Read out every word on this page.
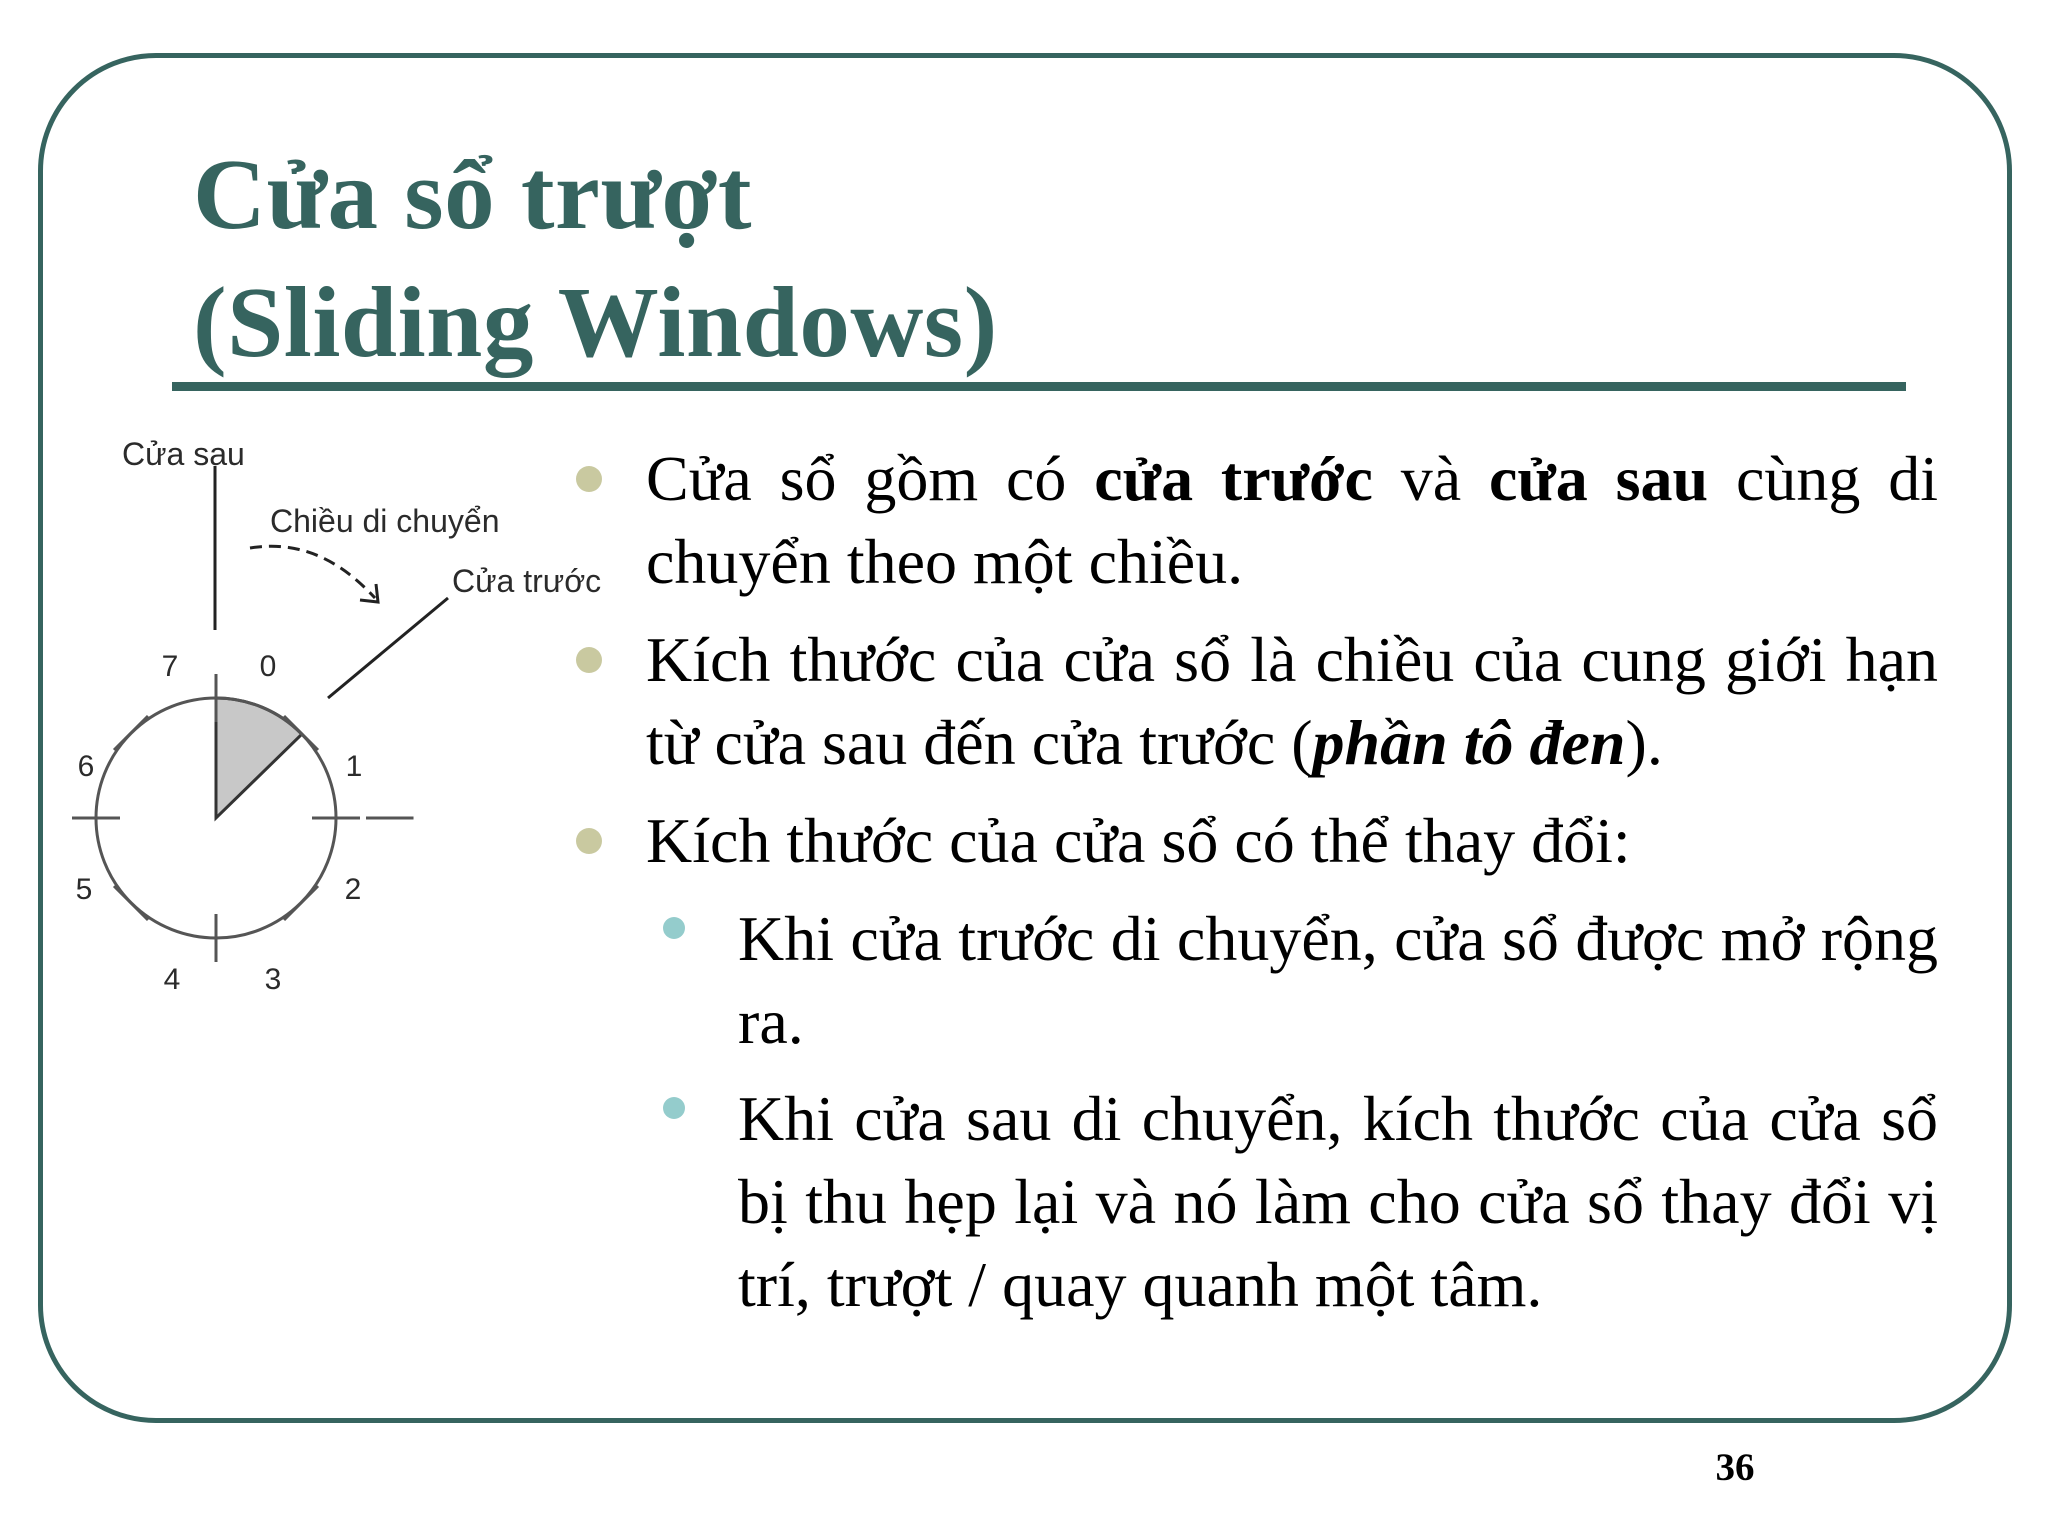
Cửa sổ trượt
(Sliding Windows)
0
1
2
3
4
5
6
7
Cửa sau
Chiều di chuyển
Cửa trước
Cửa sổ gồm có cửa trước và cửa sau cùng di chuyển theo một chiều.
Kích thước của cửa sổ là chiều của cung giới hạn từ cửa sau đến cửa trước (phần tô đen).
Kích thước của cửa sổ có thể thay đổi:
Khi cửa trước di chuyển, cửa sổ được mở rộng ra.
Khi cửa sau di chuyển, kích thước của cửa sổ bị thu hẹp lại và nó làm cho cửa sổ thay đổi vị trí, trượt / quay quanh một tâm.
36
